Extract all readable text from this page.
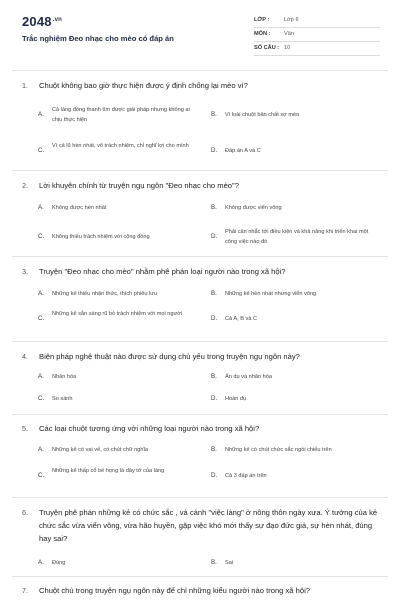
$2048^{.vn}$
Trắc nghiệm Đeo nhạc cho mèo có đáp án
LỚP :	Lớp 6
MÔN : Văn
SỐ CÂU : 10
1. Chuột không bao giờ thực hiện được ý định chống lại mèo vì?
A.
Cả làng đồng thanh tìm được giải pháp nhưng không ai chịu thực hiện
B. Vì loài chuột bản chất sợ mèo
C.
Vì cả lũ hèn nhát, vô trách nhiệm, chỉ nghĩ lợi cho mình
D. Đáp án A và C
2. Lời khuyên chính từ truyện ngụ ngôn "Đeo nhạc cho mèo"?
A. Không được hèn nhát	B. Không được viển vông
C. Không thiếu trách nhiệm với cộng đồng	D.
Phải cân nhắc tới điều kiện và khả năng khi triển khai một công việc nào đó
3. Truyện "Đeo nhạc cho mèo" nhằm phê phán loại người nào trong xã hội?
A. Những kẻ thiếu nhận thức, thích phiêu lưu	B. Những kẻ hèn nhát nhưng viển vông
C.
Những kẻ sẵn sàng rũ bỏ trách nhiệm với mọi người
D. Cả A, B và C
4. Biện pháp nghệ thuật nào được sử dụng chủ yếu trong truyện ngụ ngôn này?
A. Nhân hóa	B. Ẩn dụ và nhân hóa
C. So sánh	D. Hoán dụ
5. Các loại chuột tương ứng với những loại người nào trong xã hội?
A. Những kẻ có vai vế, có chút chữ nghĩa	B. Những kẻ có chút chức sắc ngồi chiếu trên
C.
Những kẻ thấp cổ bé họng là dây tớ của làng
D. Cả 3 đáp án trên
6. Truyện phê phán những kẻ có chức sắc , và cảnh "việc làng" ở nông thôn ngày xưa. Ý tưởng của kẻ chức sắc vừa viển vông, vừa hão huyền, gặp việc khó mới thấy sự đạo đức giả, sự hèn nhát, đúng hay sai?
A. Đúng	B. Sai
7. Chuột chù trong truyện ngụ ngôn này để chỉ những kiểu người nào trong xã hội?
